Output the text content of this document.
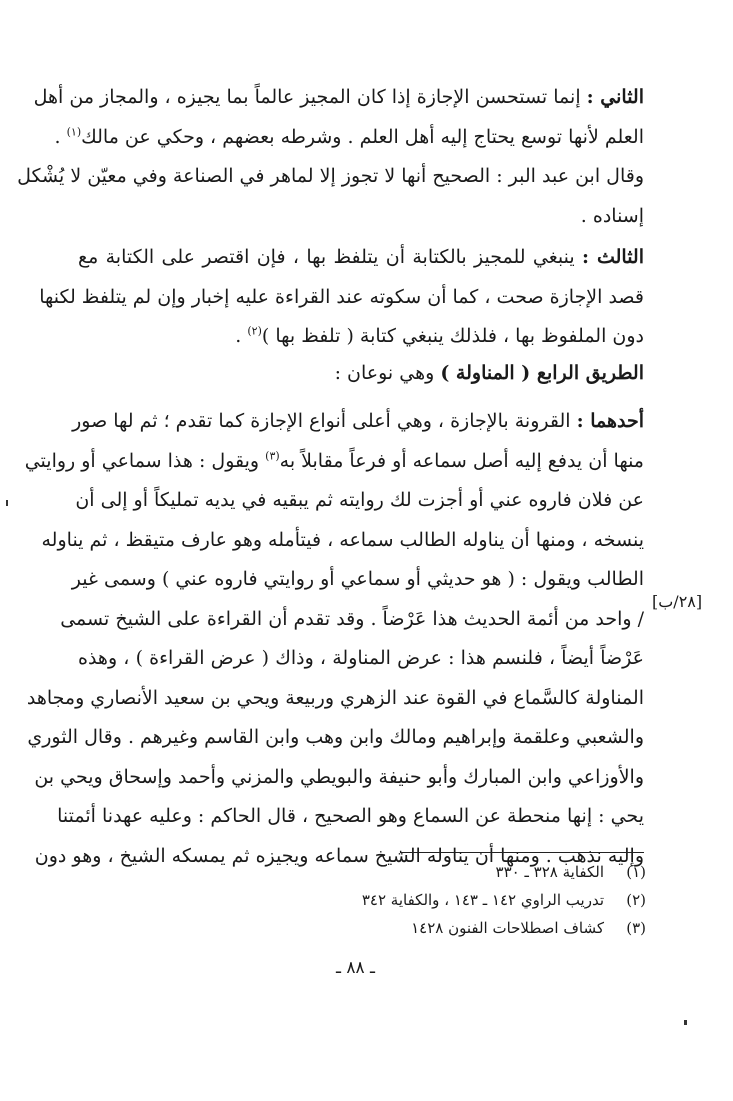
الثاني : إنما تستحسن الإجازة إذا كان المجيز عالماً بما يجيزه ، والمجاز من أهل
العلم لأنها توسع يحتاج إليه أهل العلم . وشرطه بعضهم ، وحكي عن مالك$^{(١)}$ .
وقال ابن عبد البر : الصحيح أنها لا تجوز إلا لماهر في الصناعة وفي معيّن لا يُشْكل
إسناده .
الثالث : ينبغي للمجيز بالكتابة أن يتلفظ بها ، فإن اقتصر على الكتابة مع
قصد الإجازة صحت ، كما أن سكوته عند القراءة عليه إخبار وإن لم يتلفظ لكنها
دون الملفوظ بها ، فلذلك ينبغي كتابة ( تلفظ بها )$^{(٢)}$ .
الطريق الرابع ( المناولة ) وهي نوعان :
أحدهما : القرونة بالإجازة ، وهي أعلى أنواع الإجازة كما تقدم ؛ ثم لها صور
منها أن يدفع إليه أصل سماعه أو فرعاً مقابلاً به$^{(٣)}$ ويقول : هذا سماعي أو روايتي
عن فلان فاروه عني أو أجزت لك روايته ثم يبقيه في يديه تمليكاً أو إلى أن
ينسخه ، ومنها أن يناوله الطالب سماعه ، فيتأمله وهو عارف متيقظ ، ثم يناوله
الطالب ويقول : ( هو حديثي أو سماعي أو روايتي فاروه عني ) وسمى غير
/ واحد من أئمة الحديث هذا عَرْضاً . وقد تقدم أن القراءة على الشيخ تسمى
عَرْضاً أيضاً ، فلنسم هذا : عرض المناولة ، وذاك ( عرض القراءة ) ، وهذه
المناولة كالسَّماع في القوة عند الزهري وربيعة ويحي بن سعيد الأنصاري ومجاهد
والشعبي وعلقمة وإبراهيم ومالك وابن وهب وابن القاسم وغيرهم . وقال الثوري
والأوزاعي وابن المبارك وأبو حنيفة والبويطي والمزني وأحمد وإسحاق ويحي بن
يحي : إنها منحطة عن السماع وهو الصحيح ، قال الحاكم : وعليه عهدنا أئمتنا
وإليه نذهب . ومنها أن يناوله الشيخ سماعه ويجيزه ثم يمسكه الشيخ ، وهو دون
[٢٨/ب]
(١)
الكفاية ٣٢٨ ـ ٣٣٠
(٢)
تدريب الراوي ١٤٢ ـ ١٤٣ ، والكفاية ٣٤٢
(٣)
كشاف اصطلاحات الفنون ١٤٢٨
ـ ٨٨ ـ
